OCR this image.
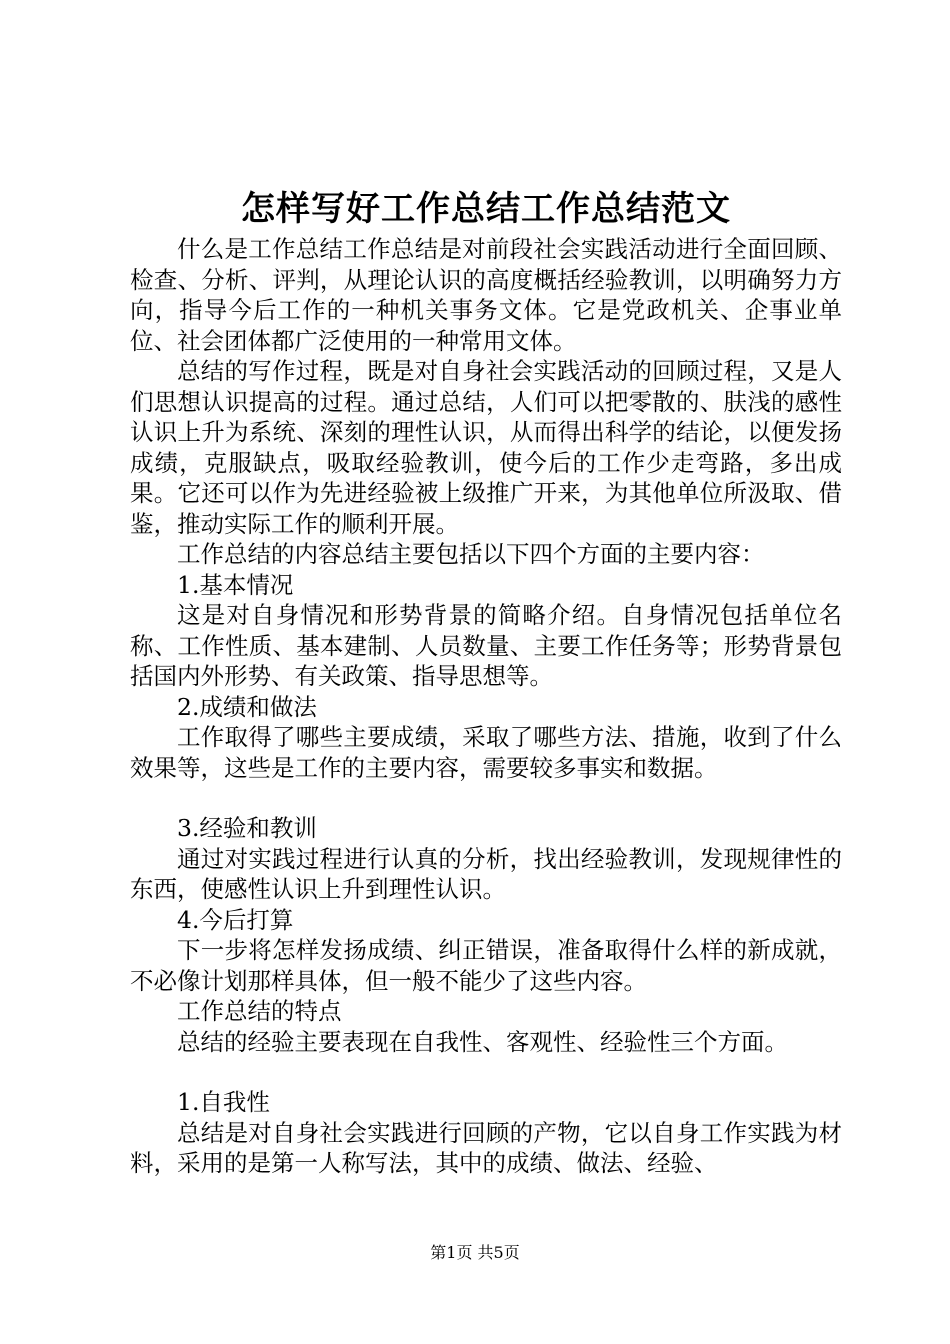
怎样写好工作总结工作总结范文

什么是工作总结工作总结是对前段社会实践活动进行全面回顾、检查、分析、评判，从理论认识的高度概括经验教训，以明确努力方向，指导今后工作的一种机关事务文体。它是党政机关、企事业单位、社会团体都广泛使用的一种常用文体。

总结的写作过程，既是对自身社会实践活动的回顾过程，又是人们思想认识提高的过程。通过总结，人们可以把零散的、肤浅的感性认识上升为系统、深刻的理性认识，从而得出科学的结论，以便发扬成绩，克服缺点，吸取经验教训，使今后的工作少走弯路，多出成果。它还可以作为先进经验被上级推广开来，为其他单位所汲取、借鉴，推动实际工作的顺利开展。

工作总结的内容总结主要包括以下四个方面的主要内容：

1.基本情况

这是对自身情况和形势背景的简略介绍。自身情况包括单位名称、工作性质、基本建制、人员数量、主要工作任务等；形势背景包括国内外形势、有关政策、指导思想等。

2.成绩和做法

工作取得了哪些主要成绩，采取了哪些方法、措施，收到了什么效果等，这些是工作的主要内容，需要较多事实和数据。

3.经验和教训

通过对实践过程进行认真的分析，找出经验教训，发现规律性的东西，使感性认识上升到理性认识。

4.今后打算

下一步将怎样发扬成绩、纠正错误，准备取得什么样的新成就，不必像计划那样具体，但一般不能少了这些内容。

工作总结的特点

总结的经验主要表现在自我性、客观性、经验性三个方面。

1.自我性

总结是对自身社会实践进行回顾的产物，它以自身工作实践为材料，采用的是第一人称写法，其中的成绩、做法、经验、

第1页 共5页
